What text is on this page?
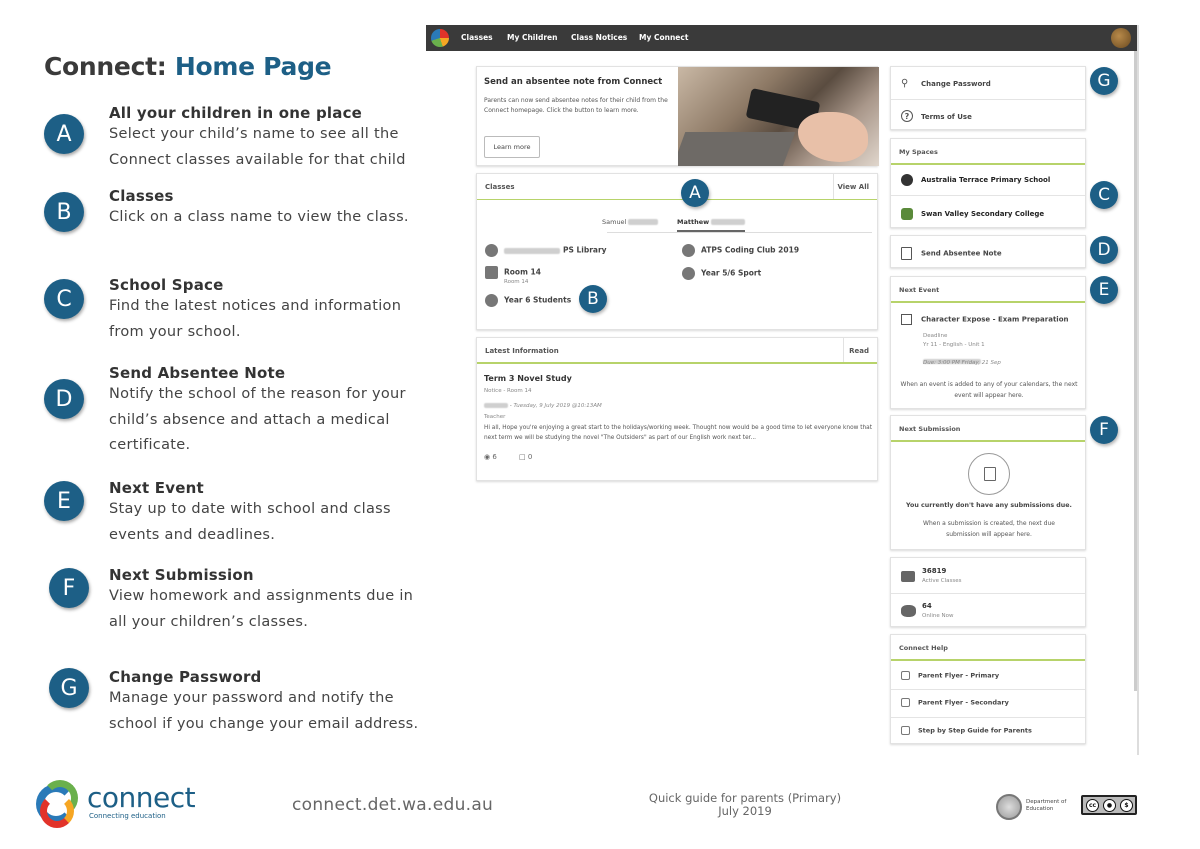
Connect: Home Page
A
All your children in one place
Select your child’s name to see all the Connect classes available for that child
B
Classes
Click on a class name to view the class.
C
School Space
Find the latest notices and information from your school.
D
Send Absentee Note
Notify the school of the reason for your child’s absence and attach a medical certificate.
E
Next Event
Stay up to date with school and class events and deadlines.
F
Next Submission
View homework and assignments due in all your children’s classes.
G	Change Password
Manage your password and notify the school if you change your email address.
Classes My Children Class Notices My Connect
Send an absentee note from Connect
Parents can now send absentee notes for their child from the Connect homepage. Click the button to learn more.
Learn more
Classes	View All
Samuel	Matthew
PS Library	ATPS Coding Club 2019
Room 14
Room 14
Year 5/6 Sport
Year 6 Students
A
B
Latest Information	Read
Term 3 Novel Study
Notice - Room 14
- Tuesday, 9 July 2019 @10:13AM
Teacher
Hi all, Hope you're enjoying a great start to the holidays/working week. Thought now would be a good time to let everyone know that next term we will be studying the novel "The Outsiders" as part of our English work next ter...
◉ 6	□ 0
⚲ Change Password
? Terms of Use
G
My Spaces
Australia Terrace Primary School
Swan Valley Secondary College
C
Send Absentee Note	D
Next Event
Character Expose - Exam Preparation
Deadline
Yr 11 - English - Unit 1
Due: 3:00 PM Friday, 21 Sep
When an event is added to any of your calendars, the next event will appear here.
E
Next Submission
You currently don't have any submissions due.
When a submission is created, the next due submission will appear here.
F
36819
Active Classes
64
Online Now
Connect Help
Parent Flyer - Primary
Parent Flyer - Secondary
Step by Step Guide for Parents
connect
Connecting education
connect.det.wa.edu.au	Quick guide for parents (Primary)
July 2019
Department of
Education	cc	●	$
